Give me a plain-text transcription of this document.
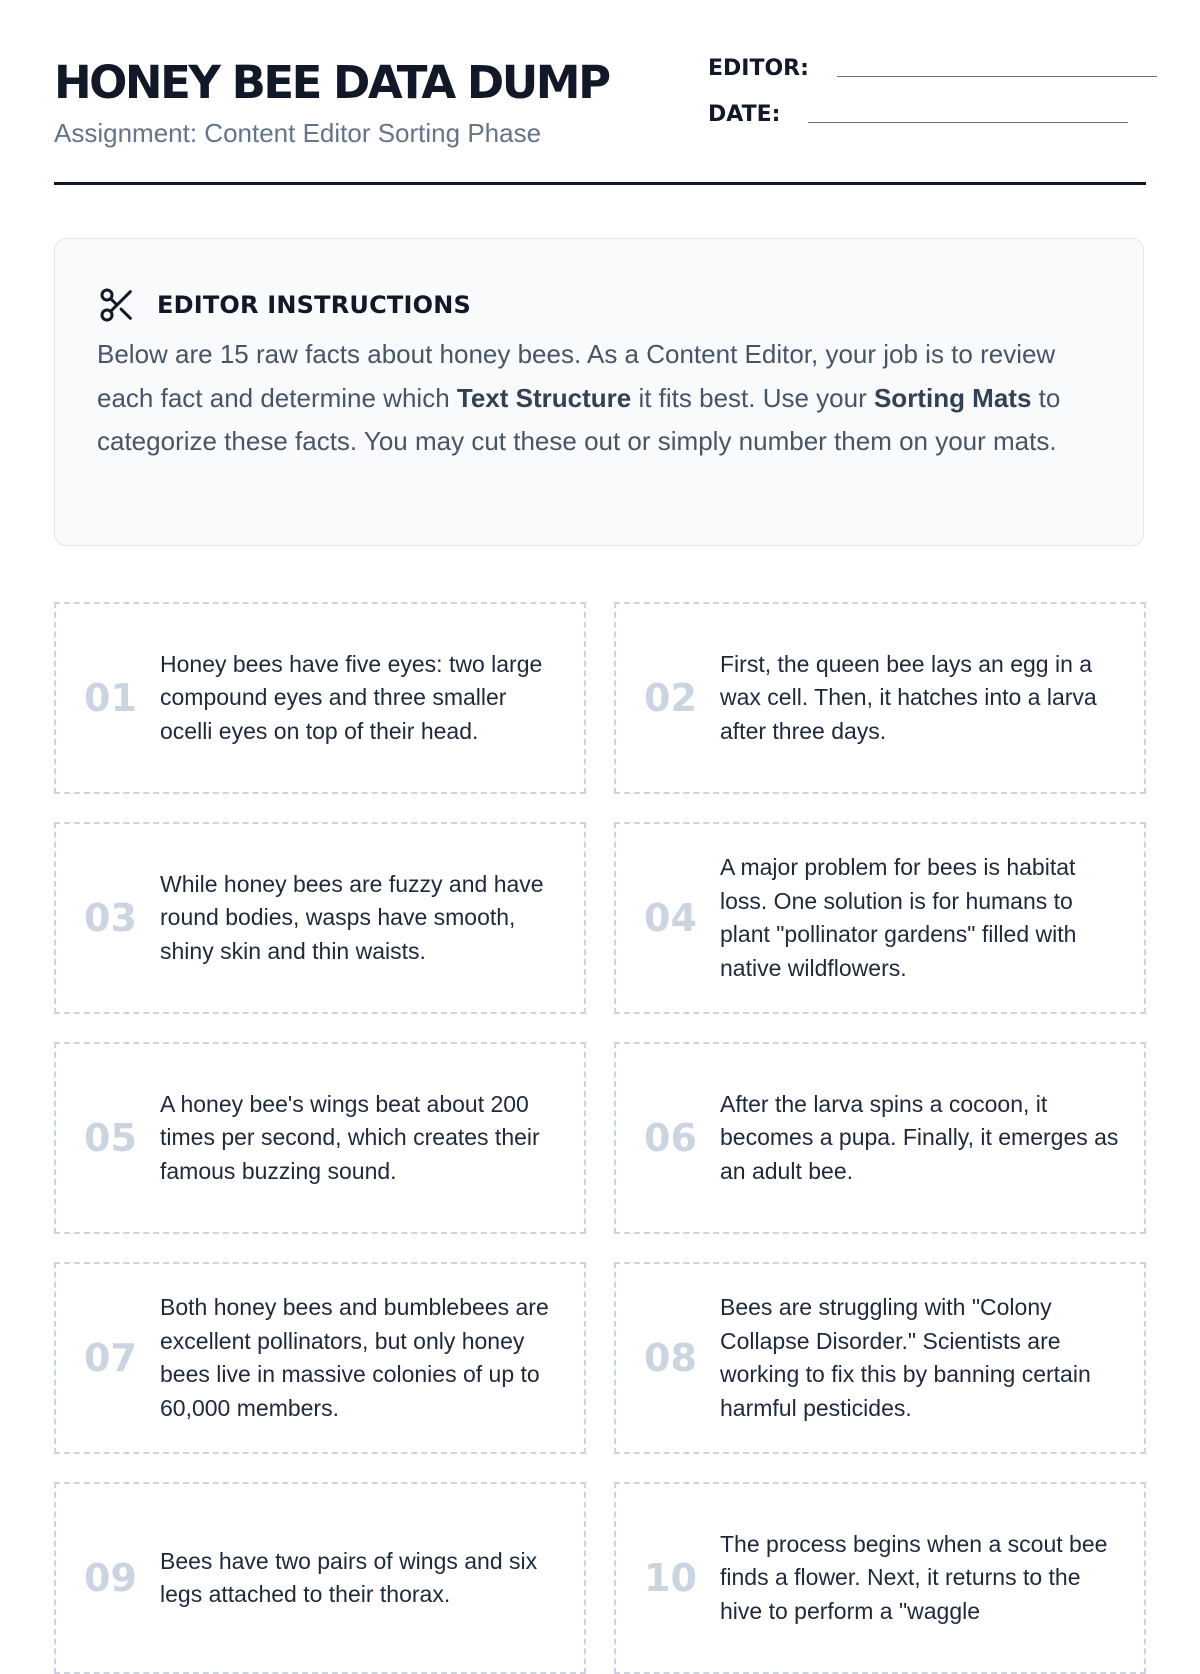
HONEY BEE DATA DUMP
Assignment: Content Editor Sorting Phase
EDITOR:
DATE:
EDITOR INSTRUCTIONS

Below are 15 raw facts about honey bees. As a Content Editor, your job is to review each fact and determine which Text Structure it fits best. Use your Sorting Mats to categorize these facts. You may cut these out or simply number them on your mats.

01
Honey bees have five eyes: two large compound eyes and three smaller ocelli eyes on top of their head.
02
First, the queen bee lays an egg in a wax cell. Then, it hatches into a larva after three days.
03
While honey bees are fuzzy and have round bodies, wasps have smooth, shiny skin and thin waists.
04
A major problem for bees is habitat loss. One solution is for humans to plant "pollinator gardens" filled with native wildflowers.
05
A honey bee's wings beat about 200 times per second, which creates their famous buzzing sound.
06
After the larva spins a cocoon, it becomes a pupa. Finally, it emerges as an adult bee.
07
Both honey bees and bumblebees are excellent pollinators, but only honey bees live in massive colonies of up to 60,000 members.
08
Bees are struggling with "Colony Collapse Disorder." Scientists are working to fix this by banning certain harmful pesticides.
09	Bees have two pairs of wings and six legs attached to their thorax.	10
The process begins when a scout bee finds a flower. Next, it returns to the hive to perform a "waggle
